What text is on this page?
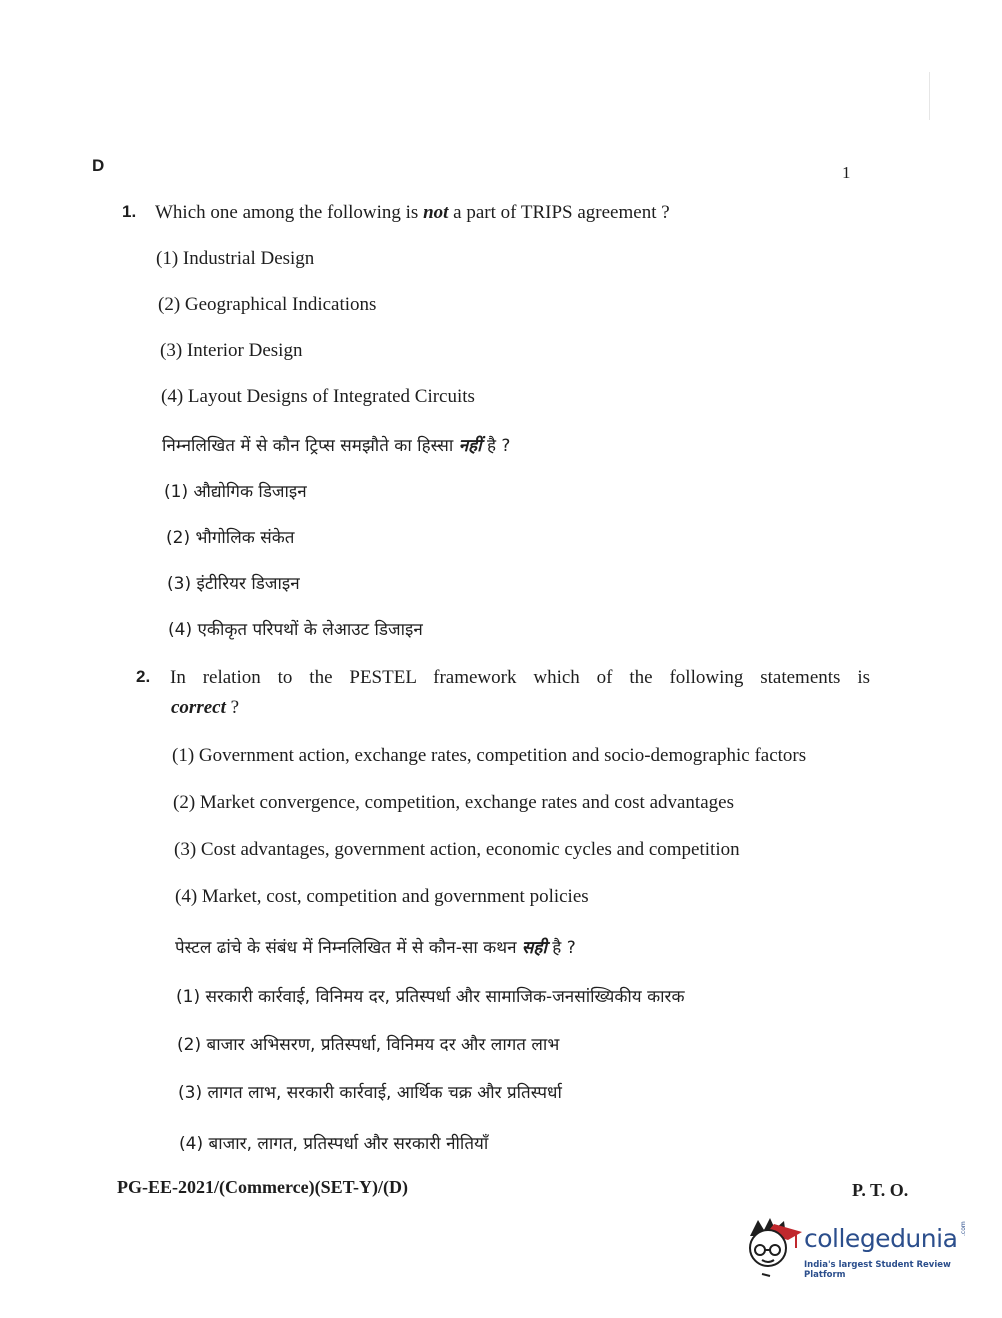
D	1
1. Which one among the following is not a part of TRIPS agreement ?
(1) Industrial Design
(2) Geographical Indications
(3) Interior Design
(4) Layout Designs of Integrated Circuits
निम्नलिखित में से कौन ट्रिप्स समझौते का हिस्सा नहीं है ?
(1) औद्योगिक डिजाइन
(2) भौगोलिक संकेत
(3) इंटीरियर डिजाइन
(4) एकीकृत परिपथों के लेआउट डिजाइन
2. In relation to the PESTEL framework which of the following statements is
correct ?
(1) Government action, exchange rates, competition and socio-demographic factors
(2) Market convergence, competition, exchange rates and cost advantages
(3) Cost advantages, government action, economic cycles and competition
(4) Market, cost, competition and government policies
पेस्टल ढांचे के संबंध में निम्नलिखित में से कौन-सा कथन सही है ?
(1) सरकारी कार्रवाई, विनिमय दर, प्रतिस्पर्धा और सामाजिक-जनसांख्यिकीय कारक
(2) बाजार अभिसरण, प्रतिस्पर्धा, विनिमय दर और लागत लाभ
(3) लागत लाभ, सरकारी कार्रवाई, आर्थिक चक्र और प्रतिस्पर्धा
(4) बाजार, लागत, प्रतिस्पर्धा और सरकारी नीतियाँ
PG-EE-2021/(Commerce)(SET-Y)/(D)	P. T. O.
collegedunia .com
India's largest Student Review Platform
